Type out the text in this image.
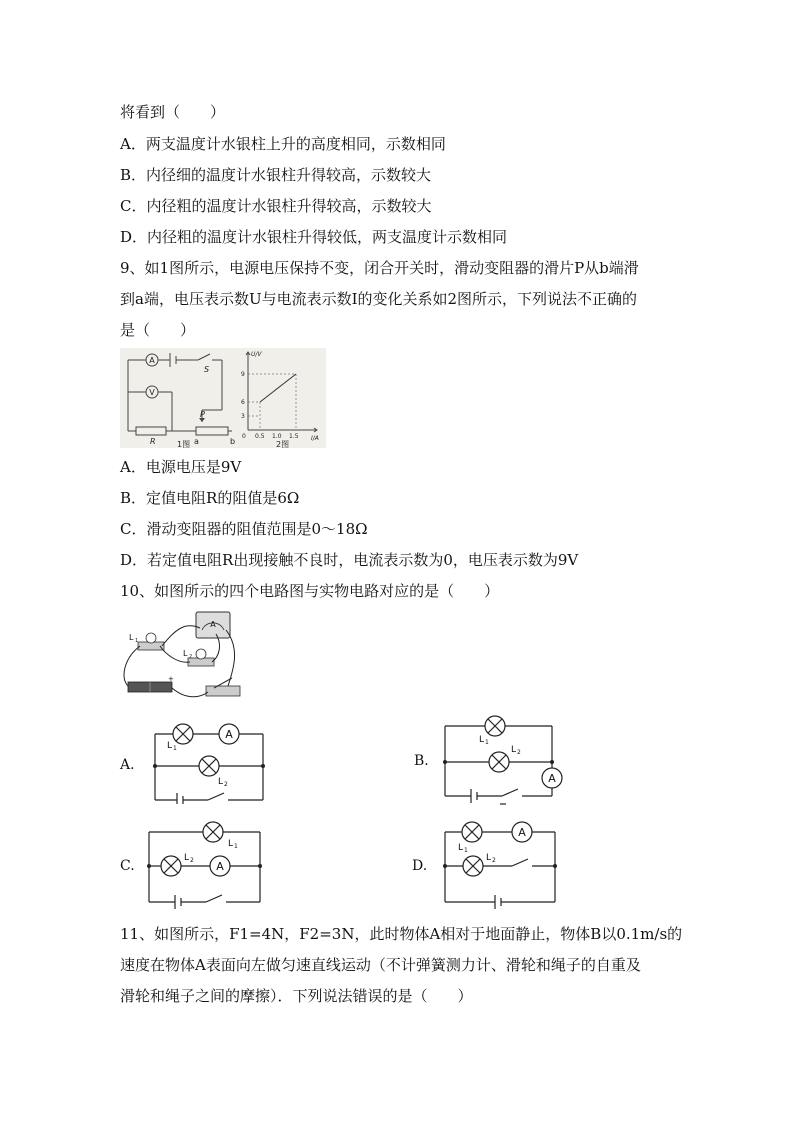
将看到（　　）
A．两支温度计水银柱上升的高度相同，示数相同
B．内径细的温度计水银柱升得较高，示数较大
C．内径粗的温度计水银柱升得较高，示数较大
D．内径粗的温度计水银柱升得较低，两支温度计示数相同
9、如1图所示，电源电压保持不变，闭合开关时，滑动变阻器的滑片P从b端滑
到a端，电压表示数U与电流表示数I的变化关系如2图所示，下列说法不正确的
是（　　）
A
V
S
R
P
a	b
1图
U/V
I/A
9
6
3
0 0.5 1.0 1.5
2图
A．电源电压是9V
B．定值电阻R的阻值是6Ω
C．滑动变阻器的阻值范围是0～18Ω
D．若定值电阻R出现接触不良时，电流表示数为0，电压表示数为9V
10、如图所示的四个电路图与实物电路对应的是（　　）
A
L 1
L 2
+
A.
A
L 1
L 2
B.
A
L 1
L 2
C.	A
L 1
L 2	D.
A
L 1
L 2
11、如图所示，F1=4N，F2=3N，此时物体A相对于地面静止，物体B以0.1m/s的
速度在物体A表面向左做匀速直线运动（不计弹簧测力计、滑轮和绳子的自重及
滑轮和绳子之间的摩擦）．下列说法错误的是（　　）
